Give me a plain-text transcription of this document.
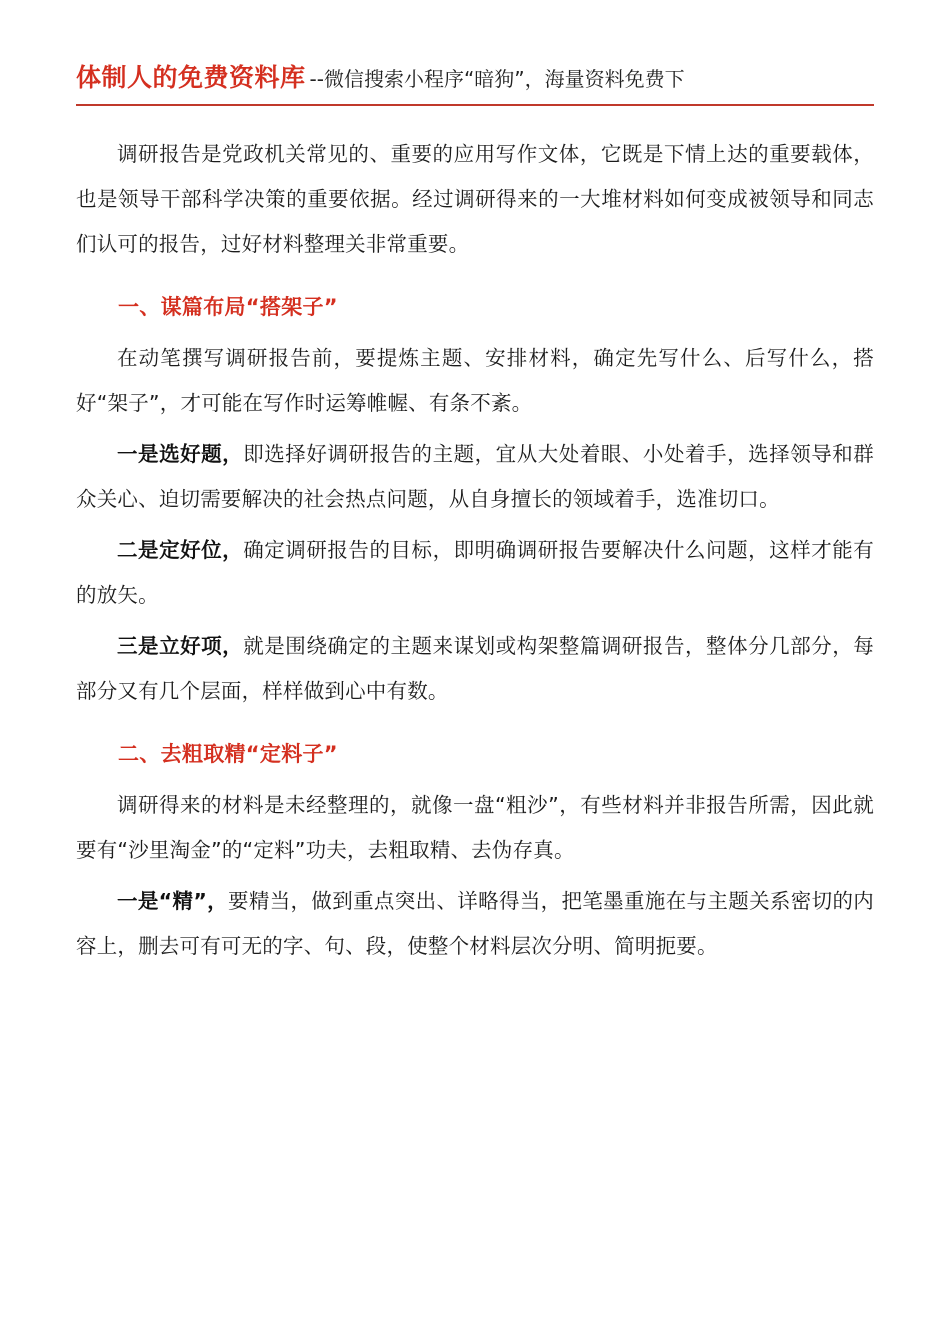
体制人的免费资料库 --微信搜索小程序“暗狗”，海量资料免费下

调研报告是党政机关常见的、重要的应用写作文体，它既是下情上达的重要载体，也是领导干部科学决策的重要依据。经过调研得来的一大堆材料如何变成被领导和同志们认可的报告，过好材料整理关非常重要。

一、谋篇布局“搭架子”

在动笔撰写调研报告前，要提炼主题、安排材料，确定先写什么、后写什么，搭好“架子”，才可能在写作时运筹帷幄、有条不紊。

一是选好题，即选择好调研报告的主题，宜从大处着眼、小处着手，选择领导和群众关心、迫切需要解决的社会热点问题，从自身擅长的领域着手，选准切口。

二是定好位，确定调研报告的目标，即明确调研报告要解决什么问题，这样才能有的放矢。

三是立好项，就是围绕确定的主题来谋划或构架整篇调研报告，整体分几部分，每部分又有几个层面，样样做到心中有数。

二、去粗取精“定料子”

调研得来的材料是未经整理的，就像一盘“粗沙”，有些材料并非报告所需，因此就要有“沙里淘金”的“定料”功夫，去粗取精、去伪存真。

一是“精”，要精当，做到重点突出、详略得当，把笔墨重施在与主题关系密切的内容上，删去可有可无的字、句、段，使整个材料层次分明、简明扼要。
